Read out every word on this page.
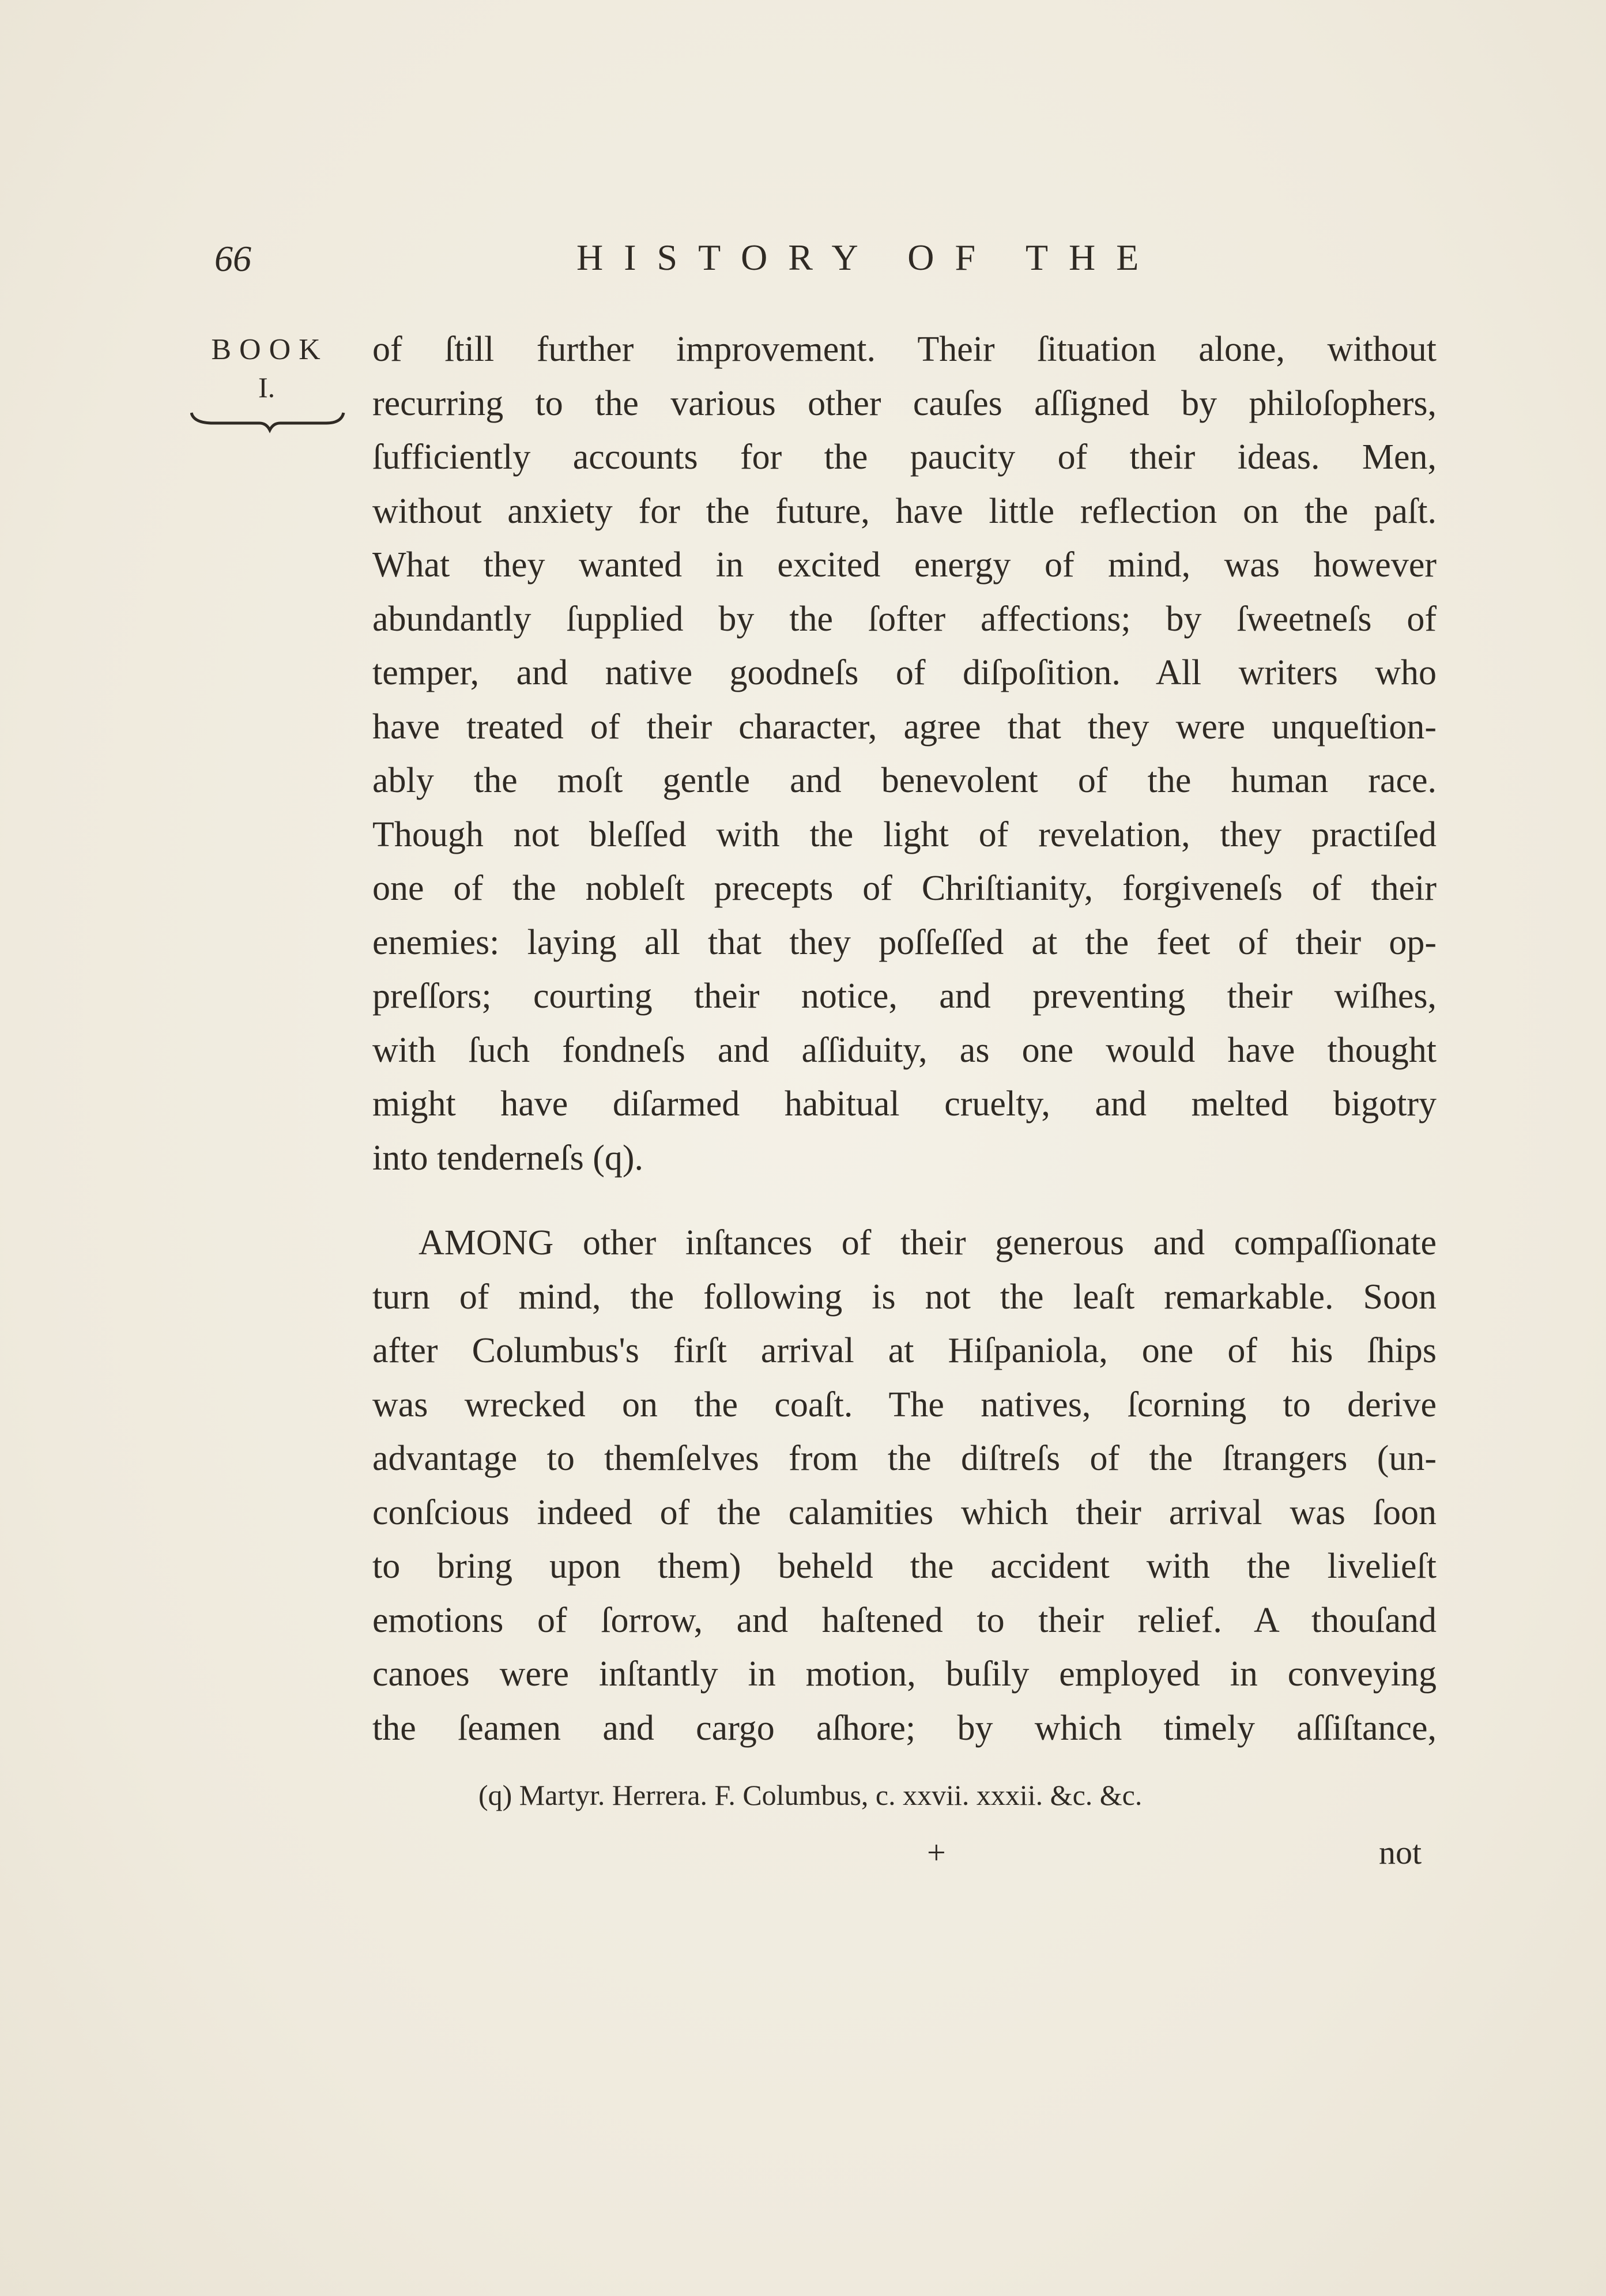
66	HISTORY OF THE
BOOK
I.
of ſtill further improvement. Their ſituation alone, without
recurring to the various other cauſes aſſigned by philoſophers,
ſufficiently accounts for the paucity of their ideas. Men,
without anxiety for the future, have little reflection on the paſt.
What they wanted in excited energy of mind, was however
abundantly ſupplied by the ſofter affections; by ſweetneſs of
temper, and native goodneſs of diſpoſition. All writers who
have treated of their character, agree that they were unqueſtion-
ably the moſt gentle and benevolent of the human race.
Though not bleſſed with the light of revelation, they practiſed
one of the nobleſt precepts of Chriſtianity, forgiveneſs of their
enemies: laying all that they poſſeſſed at the feet of their op-
preſſors; courting their notice, and preventing their wiſhes,
with ſuch fondneſs and aſſiduity, as one would have thought
might have diſarmed habitual cruelty, and melted bigotry
into tenderneſs (q).
AMONG other inſtances of their generous and compaſſionate
turn of mind, the following is not the leaſt remarkable. Soon
after Columbus's firſt arrival at Hiſpaniola, one of his ſhips
was wrecked on the coaſt. The natives, ſcorning to derive
advantage to themſelves from the diſtreſs of the ſtrangers (un-
conſcious indeed of the calamities which their arrival was ſoon
to bring upon them) beheld the accident with the livelieſt
emotions of ſorrow, and haſtened to their relief. A thouſand
canoes were inſtantly in motion, buſily employed in conveying
the ſeamen and cargo aſhore; by which timely aſſiſtance,
(q) Martyr. Herrera. F. Columbus, c. xxvii. xxxii. &c. &c.
+	not
